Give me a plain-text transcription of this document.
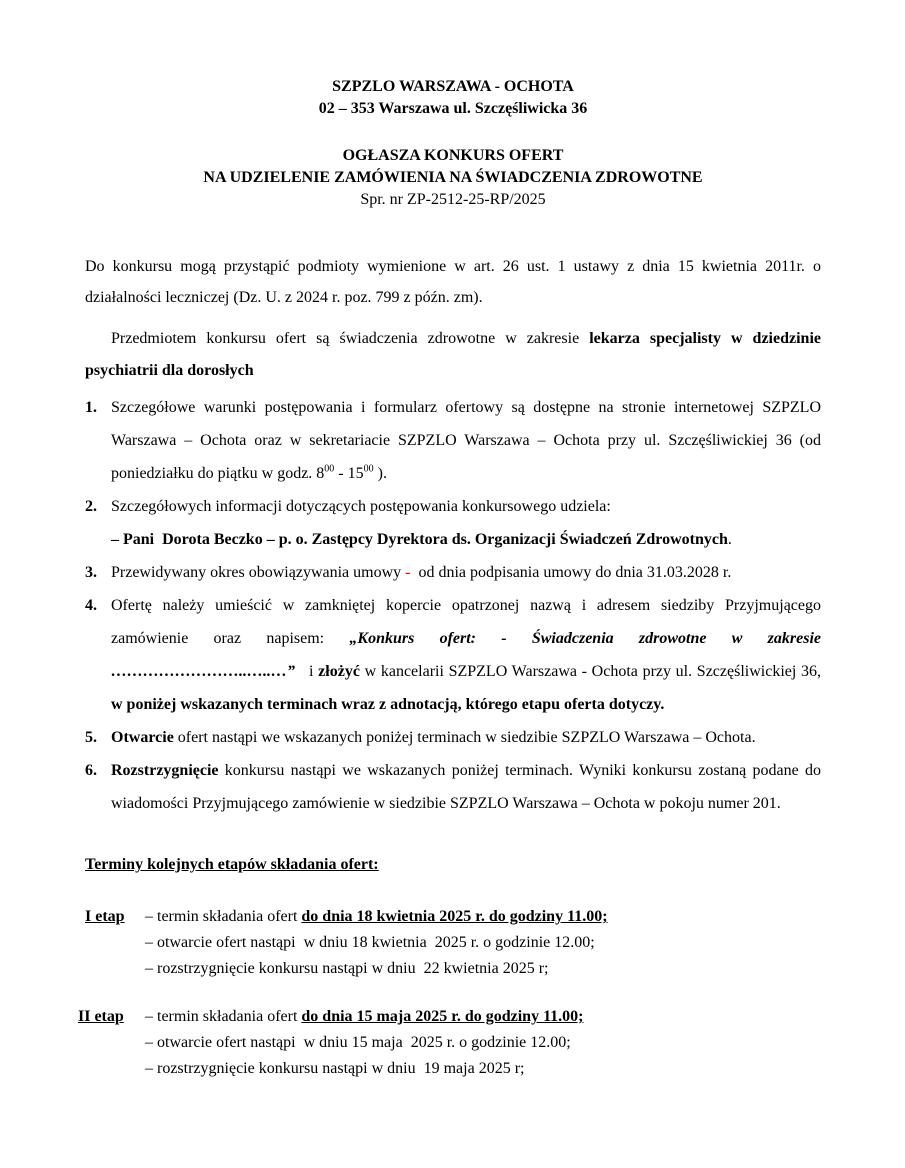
SZPZLO WARSZAWA - OCHOTA
02 – 353 Warszawa ul. Szczęśliwicka 36
OGŁASZA KONKURS OFERT
NA UDZIELENIE ZAMÓWIENIA NA ŚWIADCZENIA ZDROWOTNE
Spr. nr ZP-2512-25-RP/2025

Do konkursu mogą przystąpić podmioty wymienione w art. 26 ust. 1 ustawy z dnia 15 kwietnia 2011r. o działalności leczniczej (Dz. U. z 2024 r. poz. 799 z późn. zm).

Przedmiotem konkursu ofert są świadczenia zdrowotne w zakresie lekarza specjalisty w dziedzinie psychiatrii dla dorosłych

1. Szczegółowe warunki postępowania i formularz ofertowy są dostępne na stronie internetowej SZPZLO Warszawa – Ochota oraz w sekretariacie SZPZLO Warszawa – Ochota przy ul. Szczęśliwickiej 36 (od poniedziałku do piątku w godz. $8^{00} - 15^{00}$ ).
2. Szczegółowych informacji dotyczących postępowania konkursowego udziela:
– Pani  Dorota Beczko – p. o. Zastępcy Dyrektora ds. Organizacji Świadczeń Zdrowotnych.
3. Przewidywany okres obowiązywania umowy -  od dnia podpisania umowy do dnia 31.03.2028 r.
4. Ofertę należy umieścić w zamkniętej kopercie opatrzonej nazwą i adresem siedziby Przyjmującego zamówienie oraz napisem: „Konkurs ofert: - Świadczenia zdrowotne w zakresie ……………………..…..…”   i złożyć w kancelarii SZPZLO Warszawa - Ochota przy ul. Szczęśliwickiej 36, w poniżej wskazanych terminach wraz z adnotacją, którego etapu oferta dotyczy.
5. Otwarcie ofert nastąpi we wskazanych poniżej terminach w siedzibie SZPZLO Warszawa – Ochota.
6. Rozstrzygnięcie konkursu nastąpi we wskazanych poniżej terminach. Wyniki konkursu zostaną podane do wiadomości Przyjmującego zamówienie w siedzibie SZPZLO Warszawa – Ochota w pokoju numer 201.
Terminy kolejnych etapów składania ofert:
I etap	– termin składania ofert do dnia 18 kwietnia 2025 r. do godziny 11.00;
– otwarcie ofert nastąpi  w dniu 18 kwietnia  2025 r. o godzinie 12.00;
– rozstrzygnięcie konkursu nastąpi w dniu  22 kwietnia 2025 r;
II etap	– termin składania ofert do dnia 15 maja 2025 r. do godziny 11.00;
– otwarcie ofert nastąpi  w dniu 15 maja  2025 r. o godzinie 12.00;
– rozstrzygnięcie konkursu nastąpi w dniu  19 maja 2025 r;
